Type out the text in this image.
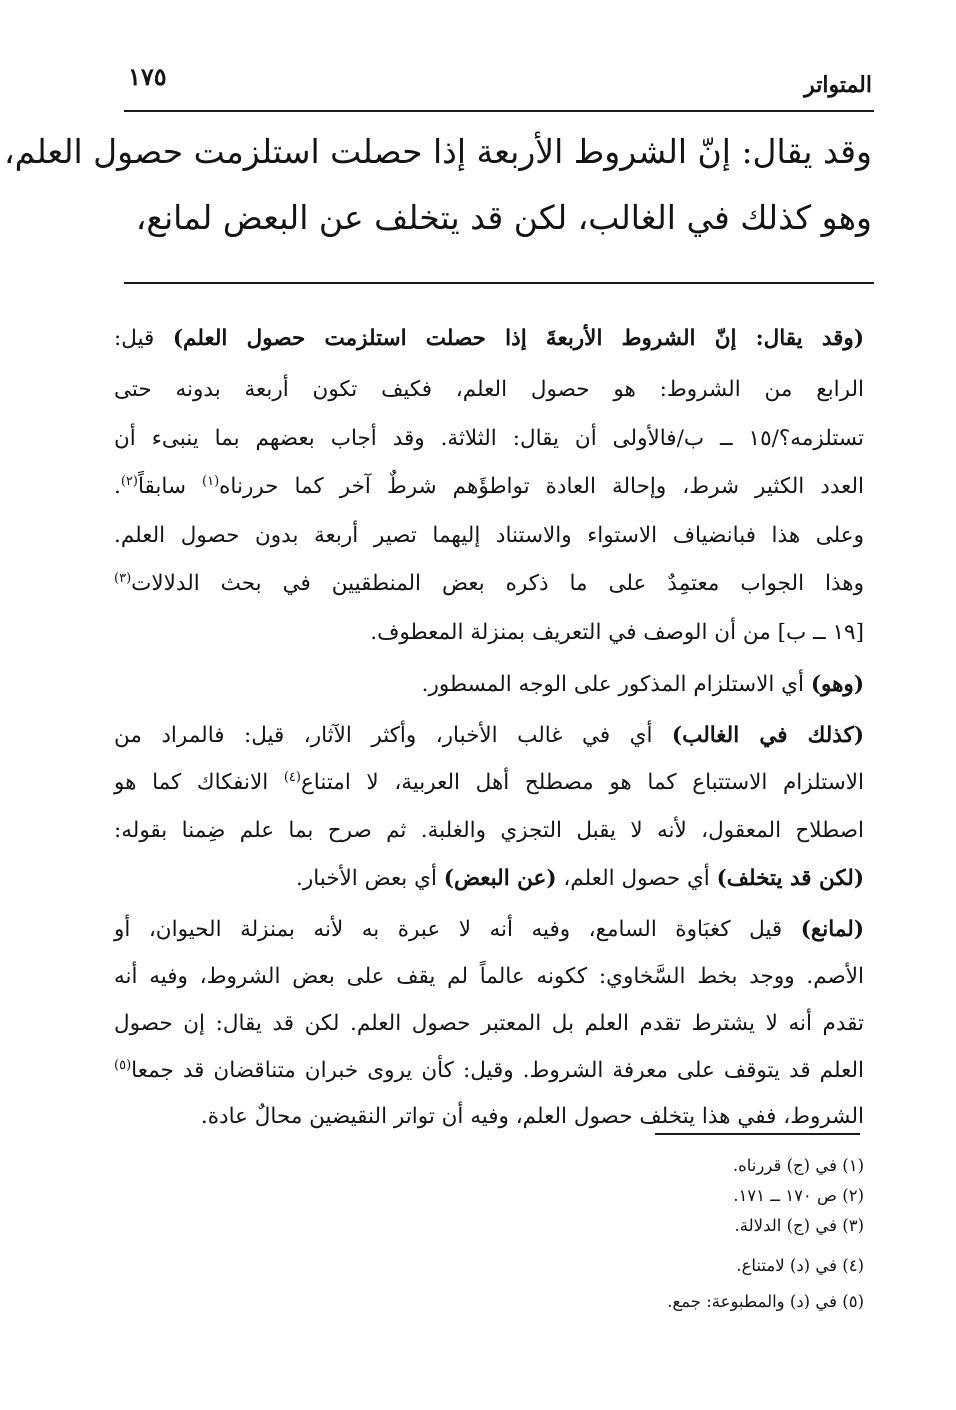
١٧٥	المتواتر
وقد يقال: إنّ الشروط الأربعة إذا حصلت استلزمت حصول العلم،
وهو كذلك في الغالب، لكن قد يتخلف عن البعض لمانع،
(وقد يقال: إنّ الشروط الأربعةَ إذا حصلت استلزمت حصول العلم) قيل:
الرابع من الشروط: هو حصول العلم، فكيف تكون أربعة بدونه حتى
تستلزمه؟/١٥ ــ ب/فالأولى أن يقال: الثلاثة. وقد أجاب بعضهم بما ينبىء أن
العدد الكثير شرط، وإحالة العادة تواطؤَهم شرطٌ آخر كما حررناه$^{(١)}$ سابقاً$^{(٢)}$.
وعلى هذا فبانضياف الاستواء والاستناد إليهما تصير أربعة بدون حصول العلم.
وهذا الجواب معتمِدٌ على ما ذكره بعض المنطقيين في بحث الدلالات$^{(٣)}$
[١٩ ــ ب] من أن الوصف في التعريف بمنزلة المعطوف.
(وهو) أي الاستلزام المذكور على الوجه المسطور.
(كذلك في الغالب) أي في غالب الأخبار، وأكثر الآثار، قيل: فالمراد من
الاستلزام الاستتباع كما هو مصطلح أهل العربية، لا امتناع$^{(٤)}$ الانفكاك كما هو
اصطلاح المعقول، لأنه لا يقبل التجزي والغلبة. ثم صرح بما علم ضِمنا بقوله:
(لكن قد يتخلف) أي حصول العلم، (عن البعض) أي بعض الأخبار.
(لمانع) قيل كغبَاوة السامع، وفيه أنه لا عبرة به لأنه بمنزلة الحيوان، أو
الأصم. ووجد بخط السَّخاوي: ككونه عالماً لم يقف على بعض الشروط، وفيه أنه
تقدم أنه لا يشترط تقدم العلم بل المعتبر حصول العلم. لكن قد يقال: إن حصول
العلم قد يتوقف على معرفة الشروط. وقيل: كأن يروى خبران متناقضان قد جمعا$^{(٥)}$
الشروط، ففي هذا يتخلف حصول العلم، وفيه أن تواتر النقيضين محالٌ عادة.
(١) في (ج) قررناه.
(٢) ص ١٧٠ ــ ١٧١.
(٣) في (ج) الدلالة.
(٤) في (د) لامتناع.
(٥) في (د) والمطبوعة: جمع.
